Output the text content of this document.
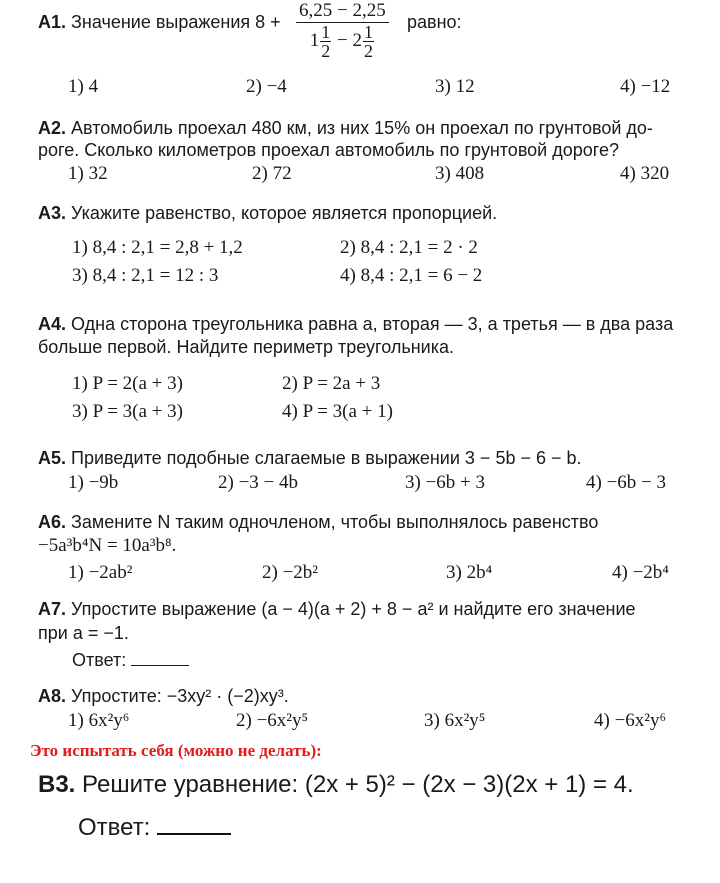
А1. Значение выражения $8 + \frac{6,25 - 2,25}{1 \frac{1}{2} - 2 \frac{1}{2}}$ равно:
1) 4	2) −4	3) 12	4) −12
А2. Автомобиль проехал 480 км, из них 15% он проехал по грунтовой до-
роге. Сколько километров проехал автомобиль по грунтовой дороге?
1) 32	2) 72	3) 408	4) 320
А3. Укажите равенство, которое является пропорцией.
1) 8,4 : 2,1 = 2,8 + 1,2	2) 8,4 : 2,1 = 2 · 2
3) 8,4 : 2,1 = 12 : 3	4) 8,4 : 2,1 = 6 − 2
А4. Одна сторона треугольника равна a, вторая — 3, а третья — в два раза
больше первой. Найдите периметр треугольника.
1) P = 2(a + 3)	2) P = 2a + 3
3) P = 3(a + 3)	4) P = 3(a + 1)
А5. Приведите подобные слагаемые в выражении 3 − 5b − 6 − b.
1) −9b	2) −3 − 4b	3) −6b + 3	4) −6b − 3
А6. Замените N таким одночленом, чтобы выполнялось равенство
−5a³b⁴N = 10a³b⁸.
1) −2ab²	2) −2b²	3) 2b⁴	4) −2b⁴
А7. Упростите выражение (a − 4)(a + 2) + 8 − a² и найдите его значение
при a = −1.
Ответ:
А8. Упростите: −3xy² · (−2)xy³.
1) 6x²y⁶	2) −6x²y⁵	3) 6x²y⁵	4) −6x²y⁶
Это испытать себя (можно не делать):
В3. Решите уравнение: (2x + 5)² − (2x − 3)(2x + 1) = 4.
Ответ:
